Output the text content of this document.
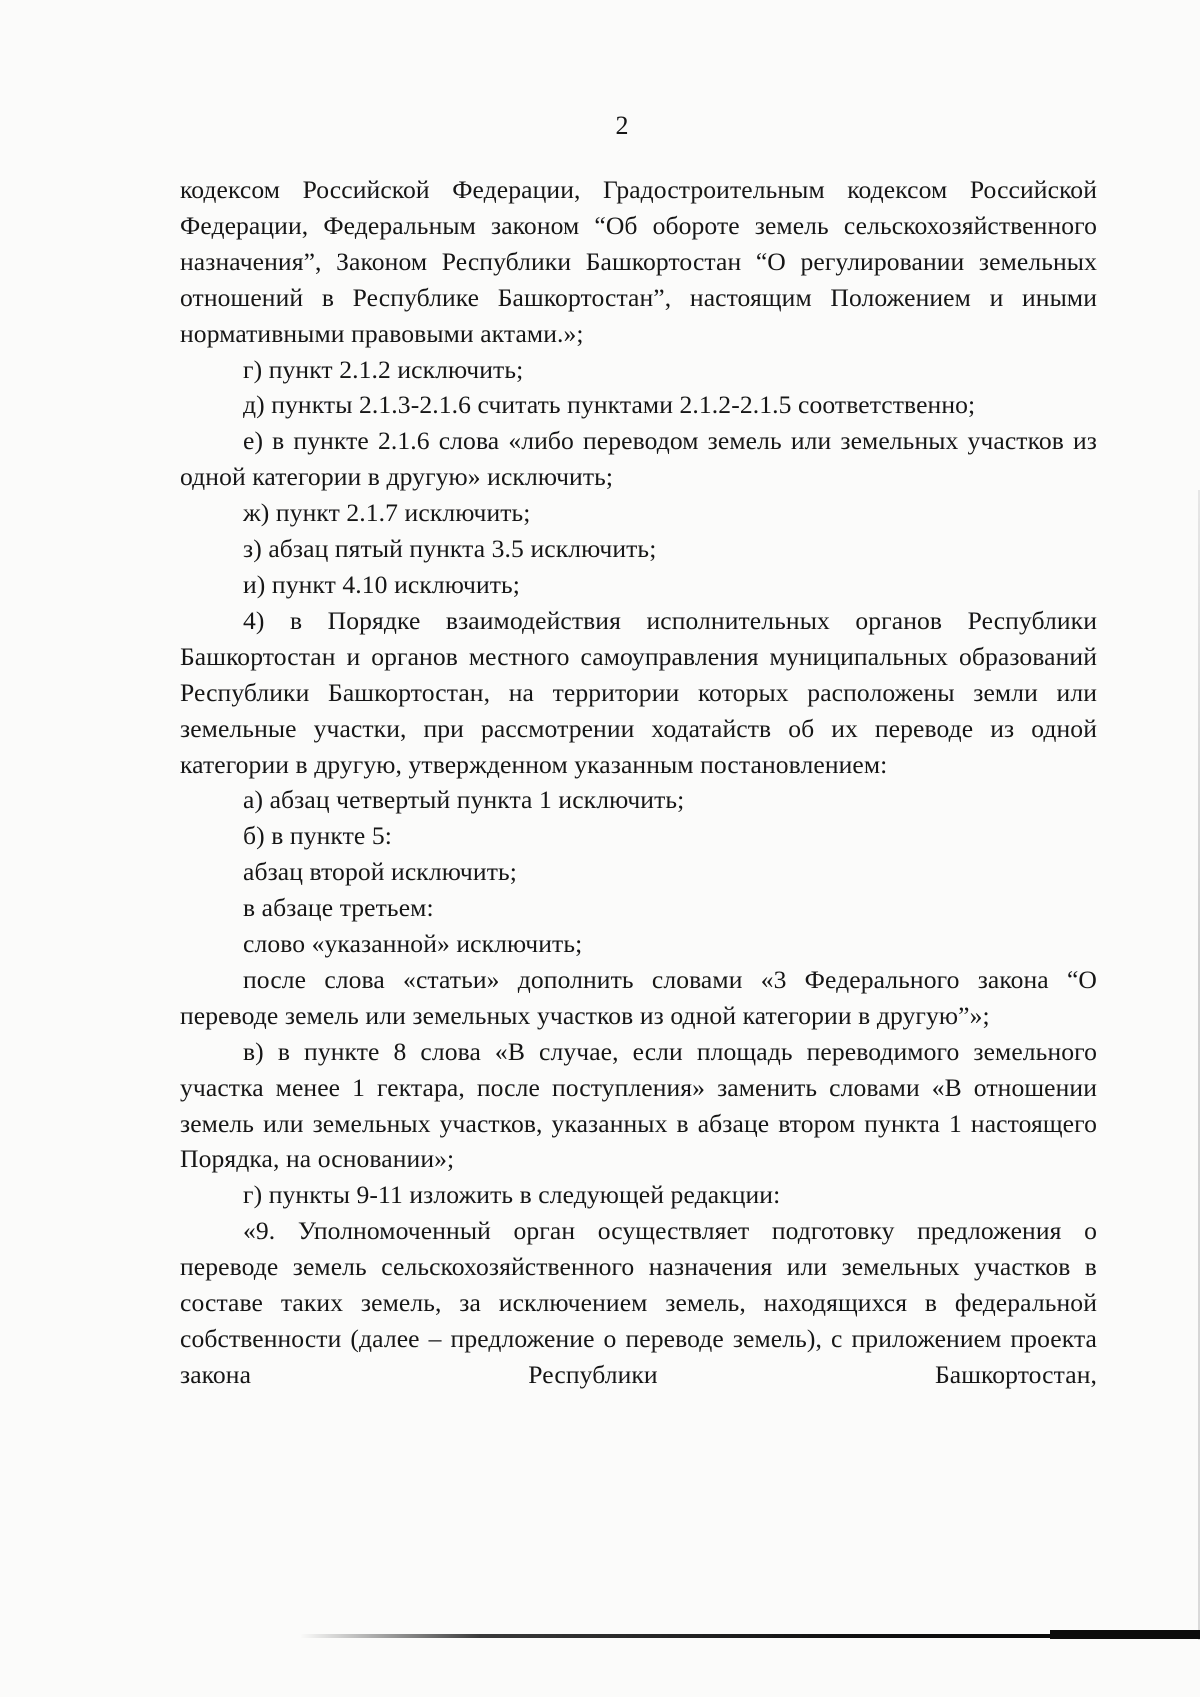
2

кодексом Российской Федерации, Градостроительным кодексом Российской Федерации, Федеральным законом “Об обороте земель сельскохозяйственного назначения”, Законом Республики Башкортостан “О регулировании земельных отношений в Республике Башкортостан”, настоящим Положением и иными нормативными правовыми актами.»;

г) пункт 2.1.2 исключить;

д) пункты 2.1.3-2.1.6 считать пунктами 2.1.2-2.1.5 соответственно;

е) в пункте 2.1.6 слова «либо переводом земель или земельных участков из одной категории в другую» исключить;

ж) пункт 2.1.7 исключить;

з) абзац пятый пункта 3.5 исключить;

и) пункт 4.10 исключить;

4) в Порядке взаимодействия исполнительных органов Республики Башкортостан и органов местного самоуправления муниципальных образований Республики Башкортостан, на территории которых расположены земли или земельные участки, при рассмотрении ходатайств об их переводе из одной категории в другую, утвержденном указанным постановлением:

а) абзац четвертый пункта 1 исключить;

б) в пункте 5:

абзац второй исключить;

в абзаце третьем:

слово «указанной» исключить;

после слова «статьи» дополнить словами «3 Федерального закона “О переводе земель или земельных участков из одной категории в другую”»;

в) в пункте 8 слова «В случае, если площадь переводимого земельного участка менее 1 гектара, после поступления» заменить словами «В отношении земель или земельных участков, указанных в абзаце втором пункта 1 настоящего Порядка, на основании»;

г) пункты 9-11 изложить в следующей редакции:

«9. Уполномоченный орган осуществляет подготовку предложения о переводе земель сельскохозяйственного назначения или земельных участков в составе таких земель, за исключением земель, находящихся в федеральной собственности (далее – предложение о переводе земель), с приложением проекта закона Республики Башкортостан,
